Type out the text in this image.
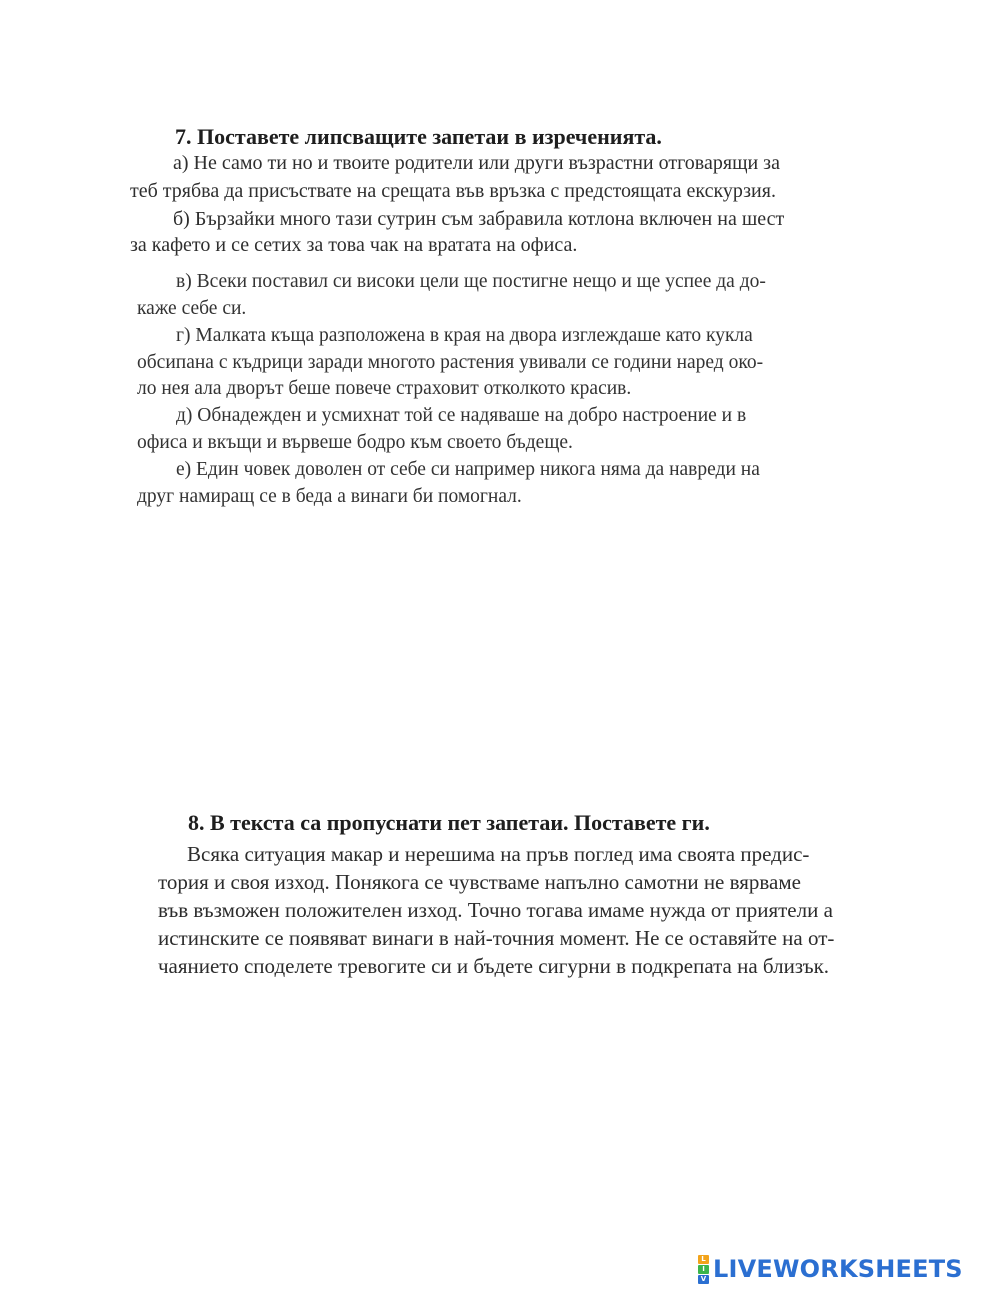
7. Поставете липсващите запетаи в изреченията.

а) Не само ти но и твоите родители или други възрастни отговарящи за

теб трябва да присъствате на срещата във връзка с предстоящата екскурзия.

б) Бързайки много тази сутрин съм забравила котлона включен на шест

за кафето и се сетих за това чак на вратата на офиса.

в) Всеки поставил си високи цели ще постигне нещо и ще успее да до-

каже себе си.

г) Малката къща разположена в края на двора изглеждаше като кукла

обсипана с къдрици заради многото растения увивали се години наред око-

ло нея ала дворът беше повече страховит отколкото красив.

д) Обнадежден и усмихнат той се надяваше на добро настроение и в

офиса и вкъщи и вървеше бодро към своето бъдеще.

е) Един човек доволен от себе си например никога няма да навреди на

друг намиращ се в беда а винаги би помогнал.

8. В текста са пропуснати пет запетаи. Поставете ги.

Всяка ситуация макар и нерешима на пръв поглед има своята предис-

тория и своя изход. Понякога се чувстваме напълно самотни не вярваме

във възможен положителен изход. Точно тогава имаме нужда от приятели а

истинските се появяват винаги в най-точния момент. Не се оставяйте на от-

чаянието споделете тревогите си и бъдете сигурни в подкрепата на близък.

L
I
V LIVEWORKSHEETS
